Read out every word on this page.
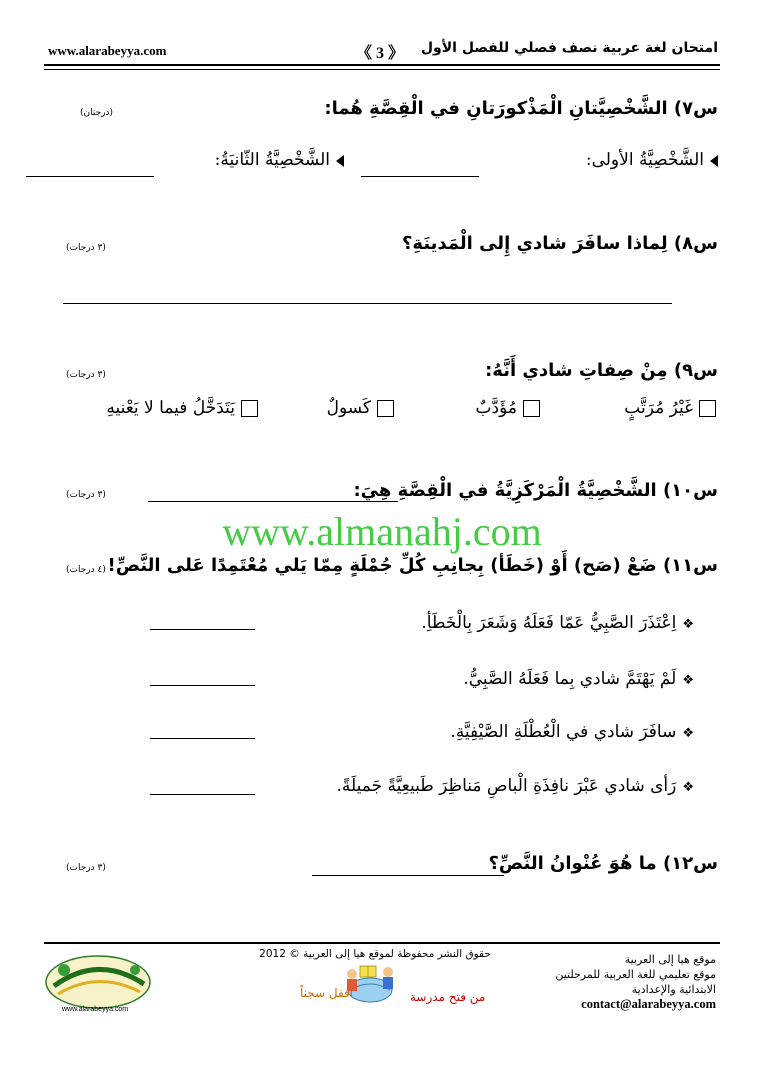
www.alarabeyya.com	《 3 》 امتحان لغة عربية نصف فصلي للفصل الأول
س٧) الشَّخْصِيَّتانِ الْمَذْكورَتانِ في الْقِصَّةِ هُما:
(درجتان)
الشَّخْصِيَّةُ الأولى:
الشَّخْصِيَّةُ الثّانيَةُ:
س٨) لِماذا سافَرَ شادي إِلى الْمَدينَةِ؟
(٣ درجات)
س٩) مِنْ صِفاتِ شادي أَنَّهُ:
(٣ درجات)
غَيْرُ مُرَتَّبٍ
مُؤَدَّبٌ
كَسولٌ
يَتَدَخَّلُ فيما لا يَعْنيهِ
س١٠) الشَّخْصِيَّةُ الْمَرْكَزِيَّةُ في الْقِصَّةِ هِيَ:
(٣ درجات)
www.almanahj.com
س١١) ضَعْ (صَح) أَوْ (خَطَأ) بِجانِبِ كُلِّ جُمْلَةٍ مِمّا يَلي مُعْتَمِدًا عَلى النَّصِّ!
(٤ درجات)
❖اِعْتَذَرَ الصَّبِيُّ عَمّا فَعَلَهُ وَشَعَرَ بِالْخَطَأِ.
❖لَمْ يَهْتَمَّ شادي بِما فَعَلَهُ الصَّبِيُّ.
❖سافَرَ شادي في الْعُطْلَةِ الصَّيْفِيَّةِ.
❖رَأى شادي عَبْرَ نافِذَةِ الْباصِ مَناظِرَ طَبيعِيَّةً جَميلَةً.
س١٢) ما هُوَ عُنْوانُ النَّصِّ؟
(٣ درجات)
موقع هيا إلى العربية
موقع تعليمي للغة العربية للمرحلتين
الابتدائية والإعدادية
contact@alarabeyya.com
حقوق النشر محفوظة لموقع هيا إلى العربية © 2012
من فتح مدرسة
أقفل سجناً
www.alarabeyya.com
